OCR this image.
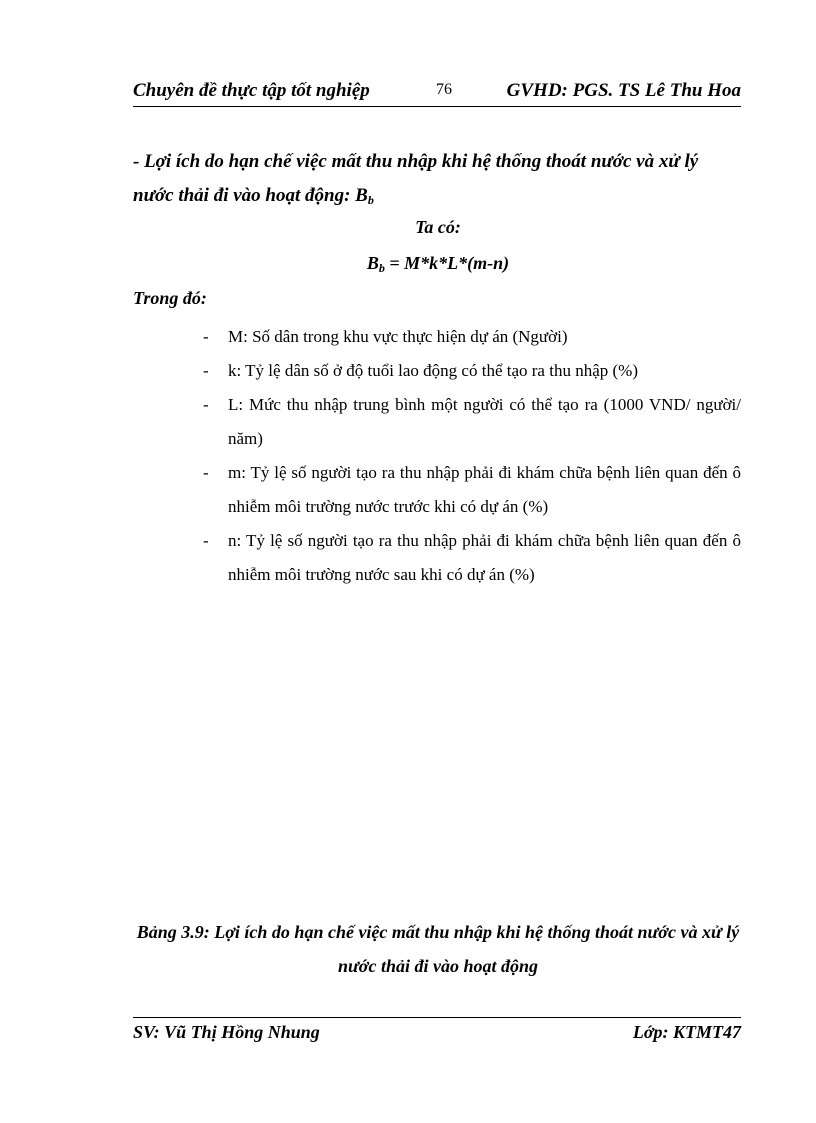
Chuyên đề thực tập tốt nghiệp	76	GVHD: PGS. TS Lê Thu Hoa
- Lợi ích do hạn chế việc mất thu nhập khi hệ thống thoát nước và xử lý nước thải đi vào hoạt động: $B_b$
Ta có:
$B_b = M*k*L*(m-n)$
Trong đó:
- M: Số dân trong khu vực thực hiện dự án (Người)
- k: Tỷ lệ dân số ở độ tuổi lao động có thể tạo ra thu nhập (%)
- L: Mức thu nhập trung bình một người có thể tạo ra (1000 VND/ người/ năm)
- m: Tỷ lệ số người tạo ra thu nhập phải đi khám chữa bệnh liên quan đến ô nhiễm môi trường nước trước khi có dự án (%)
- n: Tỷ lệ số người tạo ra thu nhập phải đi khám chữa bệnh liên quan đến ô nhiễm môi trường nước sau khi có dự án (%)
Bảng 3.9: Lợi ích do hạn chế việc mất thu nhập khi hệ thống thoát nước và xử lý nước thải đi vào hoạt động
SV: Vũ Thị Hồng Nhung	Lớp: KTMT47
